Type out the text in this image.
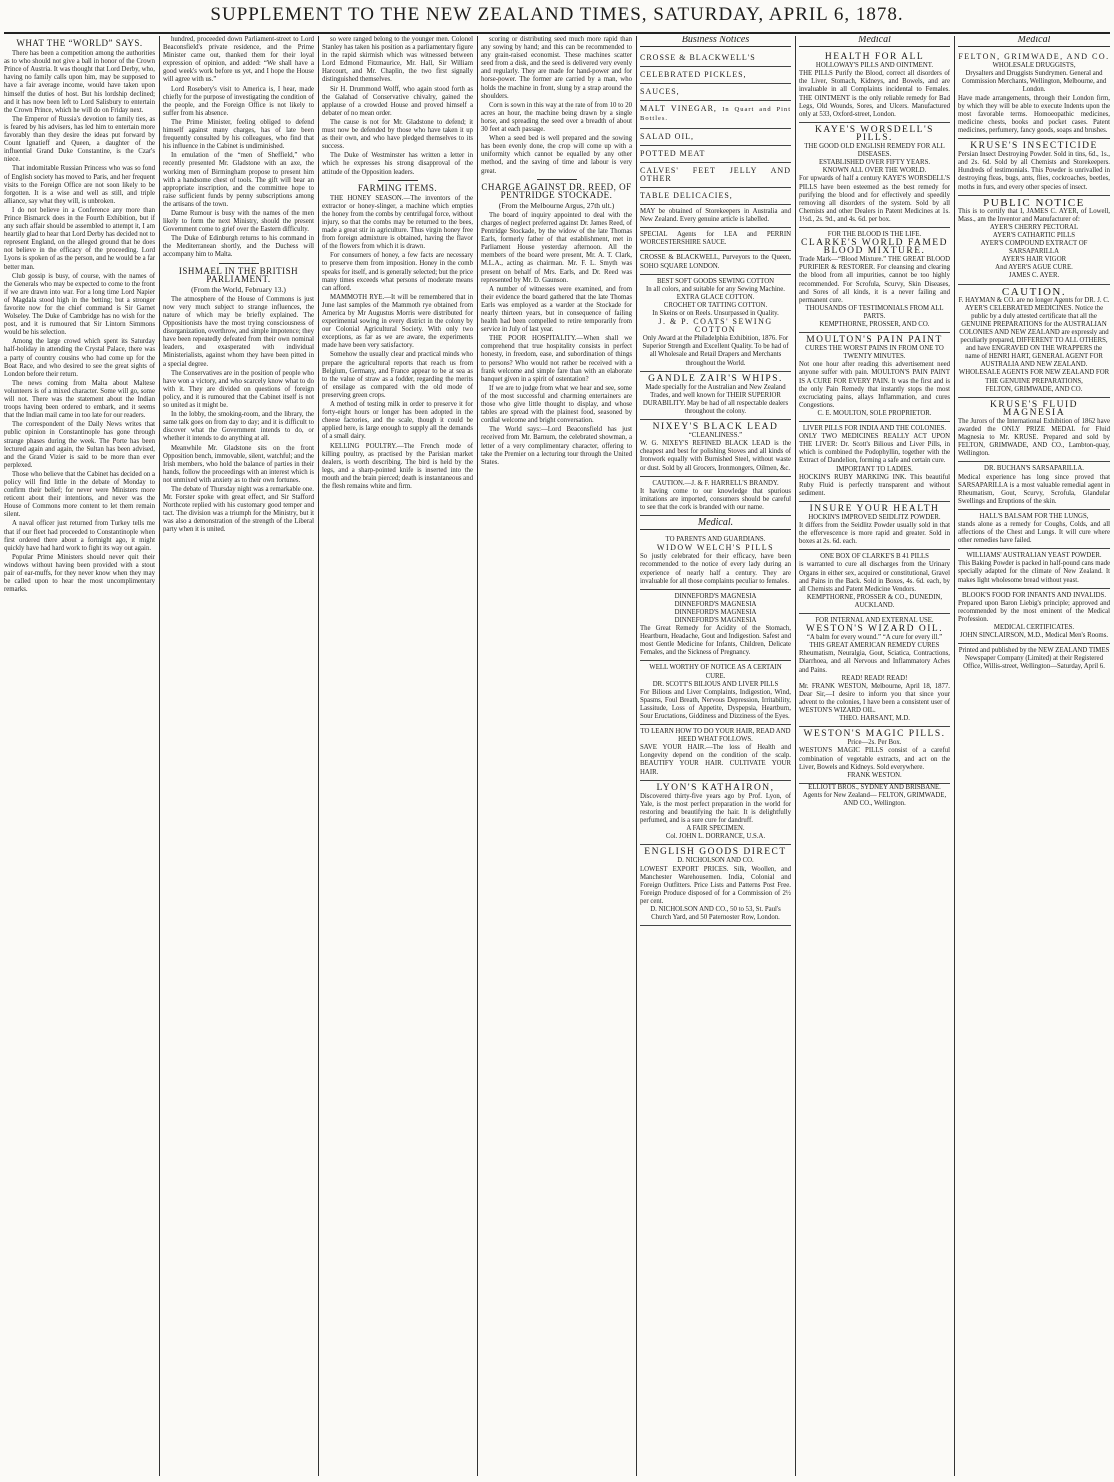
SUPPLEMENT TO THE NEW ZEALAND TIMES, SATURDAY, APRIL 6, 1878.
WHAT THE “WORLD” SAYS.

There has been a competition among the authorities as to who should not give a ball in honor of the Crown Prince of Austria. It was thought that Lord Derby, who, having no family calls upon him, may be supposed to have a fair average income, would have taken upon himself the duties of host. But his lordship declined; and it has now been left to Lord Salisbury to entertain the Crown Prince, which he will do on Friday next.

The Emperor of Russia's devotion to family ties, as is feared by his advisers, has led him to entertain more favorably than they desire the ideas put forward by Count Ignatieff and Queen, a daughter of the influential Grand Duke Constantine, is the Czar's niece.

That indomitable Russian Princess who was so fond of English society has moved to Paris, and her frequent visits to the Foreign Office are not soon likely to be forgotten. It is a wise and well as still, and triple alliance, say what they will, is unbroken.

I do not believe in a Conference any more than Prince Bismarck does in the Fourth Exhibition, but if any such affair should be assembled to attempt it, I am heartily glad to hear that Lord Derby has decided not to represent England, on the alleged ground that he does not believe in the efficacy of the proceeding. Lord Lyons is spoken of as the person, and he would be a far better man.

Club gossip is busy, of course, with the names of the Generals who may be expected to come to the front if we are drawn into war. For a long time Lord Napier of Magdala stood high in the betting; but a stronger favorite now for the chief command is Sir Garnet Wolseley. The Duke of Cambridge has no wish for the post, and it is rumoured that Sir Lintorn Simmons would be his selection.

Among the large crowd which spent its Saturday half-holiday in attending the Crystal Palace, there was a party of country cousins who had come up for the Boat Race, and who desired to see the great sights of London before their return.

The news coming from Malta about Maltese volunteers is of a mixed character. Some will go, some will not. There was the statement about the Indian troops having been ordered to embark, and it seems that the Indian mail came in too late for our readers.

The correspondent of the Daily News writes that public opinion in Constantinople has gone through strange phases during the week. The Porte has been lectured again and again, the Sultan has been advised, and the Grand Vizier is said to be more than ever perplexed.

Those who believe that the Cabinet has decided on a policy will find little in the debate of Monday to confirm their belief; for never were Ministers more reticent about their intentions, and never was the House of Commons more content to let them remain silent.

A naval officer just returned from Turkey tells me that if our fleet had proceeded to Constantinople when first ordered there about a fortnight ago, it might quickly have had hard work to fight its way out again.

Popular Prime Ministers should never quit their windows without having been provided with a stout pair of ear-muffs, for they never know when they may be called upon to hear the most uncomplimentary remarks.

hundred, proceeded down Parliament-street to Lord Beaconsfield's private residence, and the Prime Minister came out, thanked them for their loyal expression of opinion, and added: “We shall have a good week's work before us yet, and I hope the House will agree with us.”

Lord Rosebery's visit to America is, I hear, made chiefly for the purpose of investigating the condition of the people, and the Foreign Office is not likely to suffer from his absence.

The Prime Minister, feeling obliged to defend himself against many charges, has of late been frequently consulted by his colleagues, who find that his influence in the Cabinet is undiminished.

In emulation of the “men of Sheffield,” who recently presented Mr. Gladstone with an axe, the working men of Birmingham propose to present him with a handsome chest of tools. The gift will bear an appropriate inscription, and the committee hope to raise sufficient funds by penny subscriptions among the artisans of the town.

Dame Rumour is busy with the names of the men likely to form the next Ministry, should the present Government come to grief over the Eastern difficulty.

The Duke of Edinburgh returns to his command in the Mediterranean shortly, and the Duchess will accompany him to Malta.

ISHMAEL IN THE BRITISH PARLIAMENT.
(From the World, February 13.)

The atmosphere of the House of Commons is just now very much subject to strange influences, the nature of which may be briefly explained. The Oppositionists have the most trying consciousness of disorganization, overthrow, and simple impotence; they have been repeatedly defeated from their own nominal leaders, and exasperated with individual Ministerialists, against whom they have been pitted in a special degree.

The Conservatives are in the position of people who have won a victory, and who scarcely know what to do with it. They are divided on questions of foreign policy, and it is rumoured that the Cabinet itself is not so united as it might be.

In the lobby, the smoking-room, and the library, the same talk goes on from day to day; and it is difficult to discover what the Government intends to do, or whether it intends to do anything at all.

Meanwhile Mr. Gladstone sits on the front Opposition bench, immovable, silent, watchful; and the Irish members, who hold the balance of parties in their hands, follow the proceedings with an interest which is not unmixed with anxiety as to their own fortunes.

The debate of Thursday night was a remarkable one. Mr. Forster spoke with great effect, and Sir Stafford Northcote replied with his customary good temper and tact. The division was a triumph for the Ministry, but it was also a demonstration of the strength of the Liberal party when it is united.

so were ranged belong to the younger men. Colonel Stanley has taken his position as a parliamentary figure in the rapid skirmish which was witnessed between Lord Edmond Fitzmaurice, Mr. Hall, Sir William Harcourt, and Mr. Chaplin, the two first signally distinguished themselves.

Sir H. Drummond Wolff, who again stood forth as the Galahad of Conservative chivalry, gained the applause of a crowded House and proved himself a debater of no mean order.

The cause is not for Mr. Gladstone to defend; it must now be defended by those who have taken it up as their own, and who have pledged themselves to its success.

The Duke of Westminster has written a letter in which he expresses his strong disapproval of the attitude of the Opposition leaders.

FARMING ITEMS.

THE HONEY SEASON.—The inventors of the extractor or honey-slinger, a machine which empties the honey from the combs by centrifugal force, without injury, so that the combs may be returned to the bees, made a great stir in agriculture. Thus virgin honey free from foreign admixture is obtained, having the flavor of the flowers from which it is drawn.

For consumers of honey, a few facts are necessary to preserve them from imposition. Honey in the comb speaks for itself, and is generally selected; but the price many times exceeds what persons of moderate means can afford.

MAMMOTH RYE.—It will be remembered that in June last samples of the Mammoth rye obtained from America by Mr Augustus Morris were distributed for experimental sowing in every district in the colony by our Colonial Agricultural Society. With only two exceptions, as far as we are aware, the experiments made have been very satisfactory.

Somehow the usually clear and practical minds who prepare the agricultural reports that reach us from Belgium, Germany, and France appear to be at sea as to the value of straw as a fodder, regarding the merits of ensilage as compared with the old mode of preserving green crops.

A method of testing milk in order to preserve it for forty-eight hours or longer has been adopted in the cheese factories, and the scale, though it could be applied here, is large enough to supply all the demands of a small dairy.

KELLING POULTRY.—The French mode of killing poultry, as practised by the Parisian market dealers, is worth describing. The bird is held by the legs, and a sharp-pointed knife is inserted into the mouth and the brain pierced; death is instantaneous and the flesh remains white and firm.

scoring or distributing seed much more rapid than any sowing by hand; and this can be recommended to any grain-raised economist. These machines scatter seed from a disk, and the seed is delivered very evenly and regularly. They are made for hand-power and for horse-power. The former are carried by a man, who holds the machine in front, slung by a strap around the shoulders.

Corn is sown in this way at the rate of from 10 to 20 acres an hour, the machine being drawn by a single horse, and spreading the seed over a breadth of about 30 feet at each passage.

When a seed bed is well prepared and the sowing has been evenly done, the crop will come up with a uniformity which cannot be equalled by any other method, and the saving of time and labour is very great.

CHARGE AGAINST DR. REED, OF PENTRIDGE STOCKADE.
(From the Melbourne Argus, 27th ult.)

The board of inquiry appointed to deal with the charges of neglect preferred against Dr. James Reed, of Pentridge Stockade, by the widow of the late Thomas Earls, formerly father of that establishment, met in Parliament House yesterday afternoon. All the members of the board were present, Mr. A. T. Clark, M.L.A., acting as chairman. Mr. F. L. Smyth was present on behalf of Mrs. Earls, and Dr. Reed was represented by Mr. D. Gaunson.

A number of witnesses were examined, and from their evidence the board gathered that the late Thomas Earls was employed as a warder at the Stockade for nearly thirteen years, but in consequence of failing health had been compelled to retire temporarily from service in July of last year.

THE POOR HOSPITALITY.—When shall we comprehend that true hospitality consists in perfect honesty, in freedom, ease, and subordination of things to persons? Who would not rather be received with a frank welcome and simple fare than with an elaborate banquet given in a spirit of ostentation?

If we are to judge from what we hear and see, some of the most successful and charming entertainers are those who give little thought to display, and whose tables are spread with the plainest food, seasoned by cordial welcome and bright conversation.

The World says:—Lord Beaconsfield has just received from Mr. Barnum, the celebrated showman, a letter of a very complimentary character, offering to take the Premier on a lecturing tour through the United States.

Business Notices
CROSSE & BLACKWELL'S
CELEBRATED PICKLES,
SAUCES,
MALT VINEGAR, In Quart and Pint Bottles.
SALAD OIL,
POTTED MEAT
CALVES' FEET JELLY AND OTHER
TABLE DELICACIES,
MAY be obtained of Storekeepers in Australia and New Zealand. Every genuine article is labelled.
SPECIAL Agents for LEA and PERRIN WORCESTERSHIRE SAUCE.
CROSSE & BLACKWELL, Purveyors to the Queen, SOHO SQUARE LONDON.
BEST SOFT GOODS SEWING COTTON
In all colors, and suitable for any Sewing Machine.
EXTRA GLACE COTTON.
CROCHET OR TATTING COTTON.
In Skeins or on Reels. Unsurpassed in Quality.
J. & P. COATS' SEWING COTTON
Only Award at the Philadelphia Exhibition, 1876. For Superior Strength and Excellent Quality. To be had of all Wholesale and Retail Drapers and Merchants throughout the World.
GANDLE ZAIR'S WHIPS.
Made specially for the Australian and New Zealand Trades, and well known for THEIR SUPERIOR DURABILITY. May be had of all respectable dealers throughout the colony.
NIXEY'S BLACK LEAD
“CLEANLINESS.”
W. G. NIXEY'S REFINED BLACK LEAD is the cheapest and best for polishing Stoves and all kinds of Ironwork equally with Burnished Steel, without waste or dust. Sold by all Grocers, Ironmongers, Oilmen, &c.
CAUTION.—J. & F. HARRELL'S BRANDY.
It having come to our knowledge that spurious imitations are imported, consumers should be careful to see that the cork is branded with our name.
Medical.
TO PARENTS AND GUARDIANS.
WIDOW WELCH'S PILLS
So justly celebrated for their efficacy, have been recommended to the notice of every lady during an experience of nearly half a century. They are invaluable for all those complaints peculiar to females.
DINNEFORD'S MAGNESIA
DINNEFORD'S MAGNESIA
DINNEFORD'S MAGNESIA
DINNEFORD'S MAGNESIA
The Great Remedy for Acidity of the Stomach, Heartburn, Headache, Gout and Indigestion. Safest and most Gentle Medicine for Infants, Children, Delicate Females, and the Sickness of Pregnancy.
WELL WORTHY OF NOTICE AS A CERTAIN CURE.
DR. SCOTT'S BILIOUS AND LIVER PILLS
For Bilious and Liver Complaints, Indigestion, Wind, Spasms, Foul Breath, Nervous Depression, Irritability, Lassitude, Loss of Appetite, Dyspepsia, Heartburn, Sour Eructations, Giddiness and Dizziness of the Eyes.
TO LEARN HOW TO DO YOUR HAIR, READ AND HEED WHAT FOLLOWS.
SAVE YOUR HAIR.—The loss of Health and Longevity depend on the condition of the scalp. BEAUTIFY YOUR HAIR. CULTIVATE YOUR HAIR.
LYON'S KATHAIRON,
Discovered thirty-five years ago by Prof. Lyon, of Yale, is the most perfect preparation in the world for restoring and beautifying the hair. It is delightfully perfumed, and is a sure cure for dandruff.
A FAIR SPECIMEN.
Col. JOHN L. DORRANCE, U.S.A.
ENGLISH GOODS DIRECT
D. NICHOLSON AND CO.
LOWEST EXPORT PRICES. Silk, Woollen, and Manchester Warehousemen. India, Colonial and Foreign Outfitters. Price Lists and Patterns Post Free. Foreign Produce disposed of for a Commission of 2½ per cent.
D. NICHOLSON AND CO., 50 to 53, St. Paul's Church Yard, and 50 Paternoster Row, London.
Medical
HEALTH FOR ALL
HOLLOWAY'S PILLS AND OINTMENT.
THE PILLS Purify the Blood, correct all disorders of the Liver, Stomach, Kidneys, and Bowels, and are invaluable in all Complaints incidental to Females. THE OINTMENT is the only reliable remedy for Bad Legs, Old Wounds, Sores, and Ulcers. Manufactured only at 533, Oxford-street, London.
KAYE'S WORSDELL'S PILLS.
THE GOOD OLD ENGLISH REMEDY FOR ALL DISEASES.
ESTABLISHED OVER FIFTY YEARS.
KNOWN ALL OVER THE WORLD.
For upwards of half a century KAYE'S WORSDELL'S PILLS have been esteemed as the best remedy for purifying the blood and for effectively and speedily removing all disorders of the system. Sold by all Chemists and other Dealers in Patent Medicines at 1s. 1½d., 2s. 9d., and 4s. 6d. per box.
FOR THE BLOOD IS THE LIFE.
CLARKE'S WORLD FAMED BLOOD MIXTURE.
Trade Mark—“Blood Mixture.” THE GREAT BLOOD PURIFIER & RESTORER. For cleansing and clearing the blood from all impurities, cannot be too highly recommended. For Scrofula, Scurvy, Skin Diseases, and Sores of all kinds, it is a never failing and permanent cure.
THOUSANDS OF TESTIMONIALS FROM ALL PARTS.
KEMPTHORNE, PROSSER, AND CO.
MOULTON'S PAIN PAINT
CURES THE WORST PAINS IN FROM ONE TO TWENTY MINUTES.
Not one hour after reading this advertisement need anyone suffer with pain. MOULTON'S PAIN PAINT IS A CURE FOR EVERY PAIN. It was the first and is the only Pain Remedy that instantly stops the most excruciating pains, allays Inflammation, and cures Congestions.
C. E. MOULTON, SOLE PROPRIETOR.
LIVER PILLS FOR INDIA AND THE COLONIES.
ONLY TWO MEDICINES REALLY ACT UPON THE LIVER: Dr. Scott's Bilious and Liver Pills, in which is combined the Podophyllin, together with the Extract of Dandelion, forming a safe and certain cure.
IMPORTANT TO LADIES.
HOCKIN'S RUBY MARKING INK. This beautiful Ruby Fluid is perfectly transparent and without sediment.
INSURE YOUR HEALTH
HOCKIN'S IMPROVED SEIDLITZ POWDER.
It differs from the Seidlitz Powder usually sold in that the effervescence is more rapid and greater. Sold in boxes at 2s. 6d. each.
ONE BOX OF CLARKE'S B 41 PILLS
is warranted to cure all discharges from the Urinary Organs in either sex, acquired or constitutional, Gravel and Pains in the Back. Sold in Boxes, 4s. 6d. each, by all Chemists and Patent Medicine Vendors.
KEMPTHORNE, PROSSER & CO., DUNEDIN, AUCKLAND.
FOR INTERNAL AND EXTERNAL USE.
WESTON'S WIZARD OIL.
“A balm for every wound.” “A cure for every ill.”
THIS GREAT AMERICAN REMEDY CURES
Rheumatism, Neuralgia, Gout, Sciatica, Contractions, Diarrhoea, and all Nervous and Inflammatory Aches and Pains.
READ! READ! READ!
Mr. FRANK WESTON, Melbourne, April 18, 1877. Dear Sir,—I desire to inform you that since your advent to the colonies, I have been a consistent user of WESTON'S WIZARD OIL.
THEO. HARSANT, M.D.
WESTON'S MAGIC PILLS.
Price—2s. Per Box.
WESTON'S MAGIC PILLS consist of a careful combination of vegetable extracts, and act on the Liver, Bowels and Kidneys. Sold everywhere.
FRANK WESTON.
ELLIOTT BROS., SYDNEY AND BRISBANE. Agents for New Zealand— FELTON, GRIMWADE, AND CO., Wellington.
Medical
FELTON, GRIMWADE, AND CO.
WHOLESALE DRUGGISTS,
Drysalters and Druggists Sundrymen. General and Commission Merchants, Wellington, Melbourne, and London.
Have made arrangements, through their London firm, by which they will be able to execute Indents upon the most favorable terms. Homoeopathic medicines, medicine chests, books and pocket cases. Patent medicines, perfumery, fancy goods, soaps and brushes.
KRUSE'S INSECTICIDE
Persian Insect Destroying Powder. Sold in tins, 6d., 1s., and 2s. 6d. Sold by all Chemists and Storekeepers. Hundreds of testimonials. This Powder is unrivalled in destroying fleas, bugs, ants, flies, cockroaches, beetles, moths in furs, and every other species of insect.
PUBLIC NOTICE
This is to certify that I, JAMES C. AYER, of Lowell, Mass., am the Inventor and Manufacturer of:
AYER'S CHERRY PECTORAL
AYER'S CATHARTIC PILLS
AYER'S COMPOUND EXTRACT OF SARSAPARILLA
AYER'S HAIR VIGOR
And AYER'S AGUE CURE.
JAMES C. AYER.
CAUTION.
F. HAYMAN & CO. are no longer Agents for DR. J. C. AYER'S CELEBRATED MEDICINES. Notice the public by a duly attested certificate that all the GENUINE PREPARATIONS for the AUSTRALIAN COLONIES AND NEW ZEALAND are expressly and peculiarly prepared, DIFFERENT TO ALL OTHERS, and have ENGRAVED ON THE WRAPPERS the name of HENRI HART, GENERAL AGENT FOR AUSTRALIA AND NEW ZEALAND.
WHOLESALE AGENTS FOR NEW ZEALAND FOR THE GENUINE PREPARATIONS,
FELTON, GRIMWADE, AND CO.
KRUSE'S FLUID MAGNESIA
The Jurors of the International Exhibition of 1862 have awarded the ONLY PRIZE MEDAL for Fluid Magnesia to Mr. KRUSE. Prepared and sold by FELTON, GRIMWADE, AND CO., Lambton-quay, Wellington.
DR. BUCHAN'S SARSAPARILLA.
Medical experience has long since proved that SARSAPARILLA is a most valuable remedial agent in Rheumatism, Gout, Scurvy, Scrofula, Glandular Swellings and Eruptions of the skin.
HALL'S BALSAM FOR THE LUNGS,
stands alone as a remedy for Coughs, Colds, and all affections of the Chest and Lungs. It will cure where other remedies have failed.
WILLIAMS' AUSTRALIAN YEAST POWDER.
This Baking Powder is packed in half-pound cans made specially adapted for the climate of New Zealand. It makes light wholesome bread without yeast.
BLOOK'S FOOD FOR INFANTS AND INVALIDS.
Prepared upon Baron Liebig's principle; approved and recommended by the most eminent of the Medical Profession.
MEDICAL CERTIFICATES.
JOHN SINCLAIRSON, M.D., Medical Men's Rooms.
Printed and published by the NEW ZEALAND TIMES Newspaper Company (Limited) at their Registered Office, Willis-street, Wellington—Saturday, April 6.
